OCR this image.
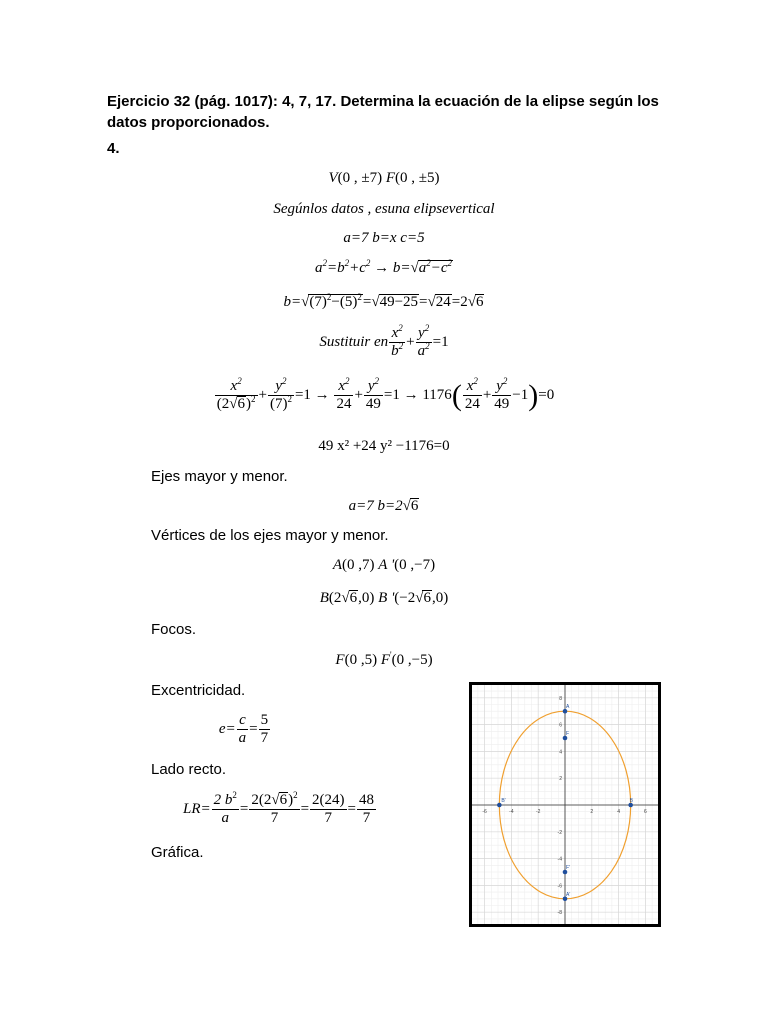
Ejercicio 32 (pág. 1017): 4, 7, 17. Determina la ecuación de la elipse según los datos proporcionados.
4.
V(0 , ±7) F(0 , ±5)
Segúnlos datos , esuna elipsevertical
a=7 b=x c=5
$a^2=b^2+c^2 \to b=√a^2-c^2$
$b=√(7)^2-(5)^2=√49-25=√24=2√6$
Sustituir en $\frac{x^2}{b^2} + \frac{y^2}{a^2} =1$
$\frac{x^2}{(2√6)^2} + \frac{y^2}{(7)^2} =1 \to \frac{x^2}{24} + \frac{y^2}{49} =1 \to 1176( \frac{x^2}{24} + \frac{y^2}{49} -1)=0$
49 x² +24 y² −1176=0
Ejes mayor y menor.
a=7 b=2√6
Vértices de los ejes mayor y menor.
A(0 ,7) A '(0 ,−7)
B(2√6,0) B '(−2√6,0)
Focos.
F(0 ,5) F'(0 ,−5)
Excentricidad.
$e= \frac{c}{a} = \frac{5}{7}$
Lado recto.
$LR= \frac{2 b^2}{a} = \frac{2(2√6)^2}{7} = \frac{2(24)}{7} = \frac{48}{7}$
Gráfica.
-6	-4	-2	2	4	6
8
6
4
2
-2
-4
-6
-8
A
A'
B
B'
F
F'
